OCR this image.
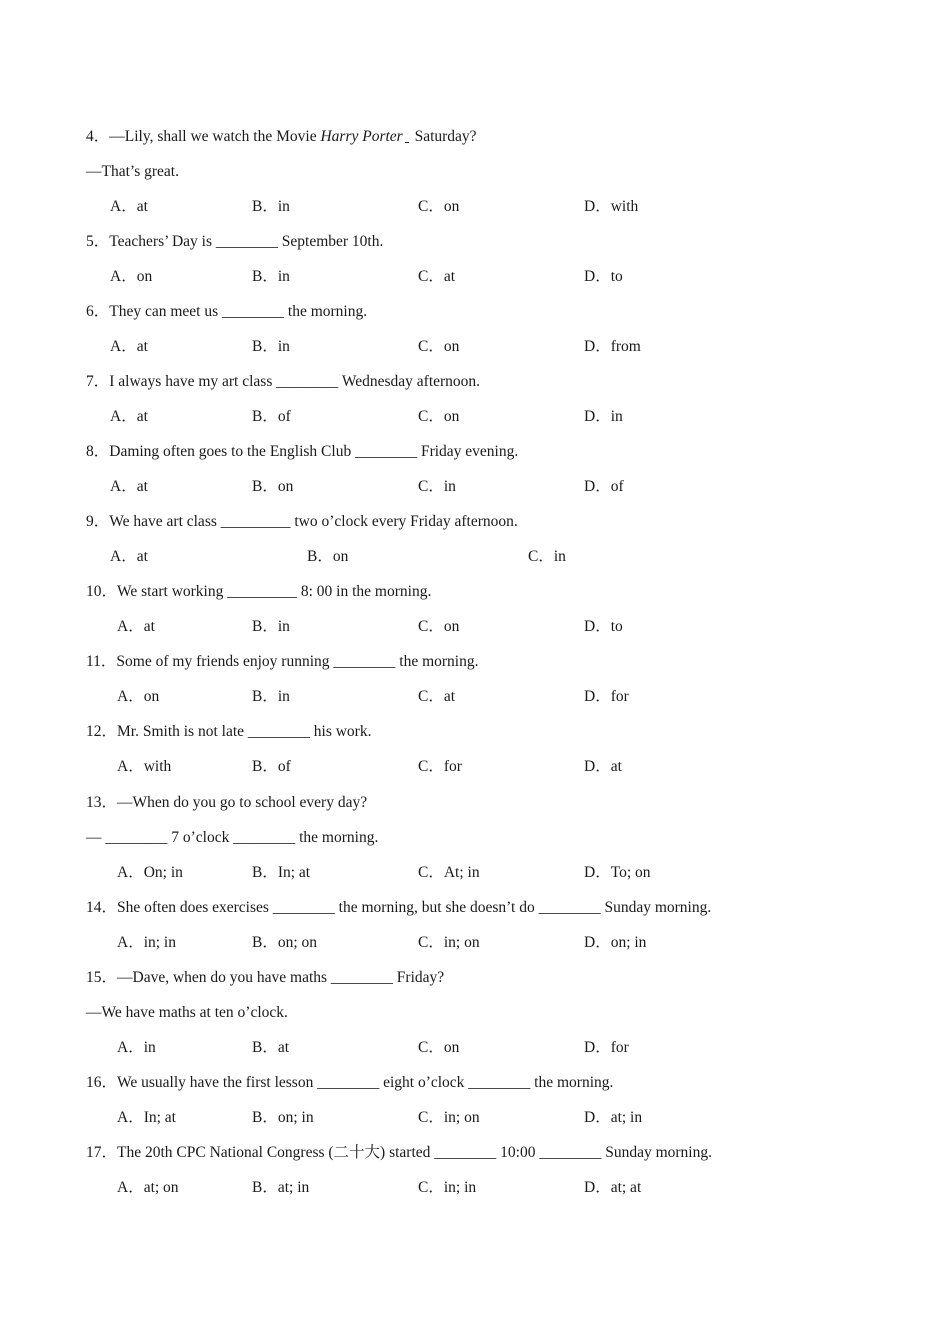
4．—Lily, shall we watch the Movie Harry Porter  Saturday?
—That’s great.
A．at	B．in	C．on	D．with
5．Teachers’ Day is ________ September 10th.
A．on	B．in	C．at	D．to
6．They can meet us ________ the morning.
A．at	B．in	C．on	D．from
7．I always have my art class ________ Wednesday afternoon.
A．at	B．of	C．on	D．in
8．Daming often goes to the English Club ________ Friday evening.
A．at	B．on	C．in	D．of
9．We have art class _________ two o’clock every Friday afternoon.
A．at	B．on	C．in
10．We start working _________ 8: 00 in the morning.
A．at	B．in	C．on	D．to
11．Some of my friends enjoy running ________ the morning.
A．on	B．in	C．at	D．for
12．Mr. Smith is not late ________ his work.
A．with	B．of	C．for	D．at
13．—When do you go to school every day?
— ________ 7 o’clock ________ the morning.
A．On; in	B．In; at	C．At; in	D．To; on
14．She often does exercises ________ the morning, but she doesn’t do ________ Sunday morning.
A．in; in	B．on; on	C．in; on	D．on; in
15．—Dave, when do you have maths ________ Friday?
—We have maths at ten o’clock.
A．in	B．at	C．on	D．for
16．We usually have the first lesson ________ eight o’clock ________ the morning.
A．In; at	B．on; in	C．in; on	D．at; in
17．The 20th CPC National Congress (二十大) started ________ 10:00 ________ Sunday morning.
A．at; on	B．at; in	C．in; in	D．at; at
